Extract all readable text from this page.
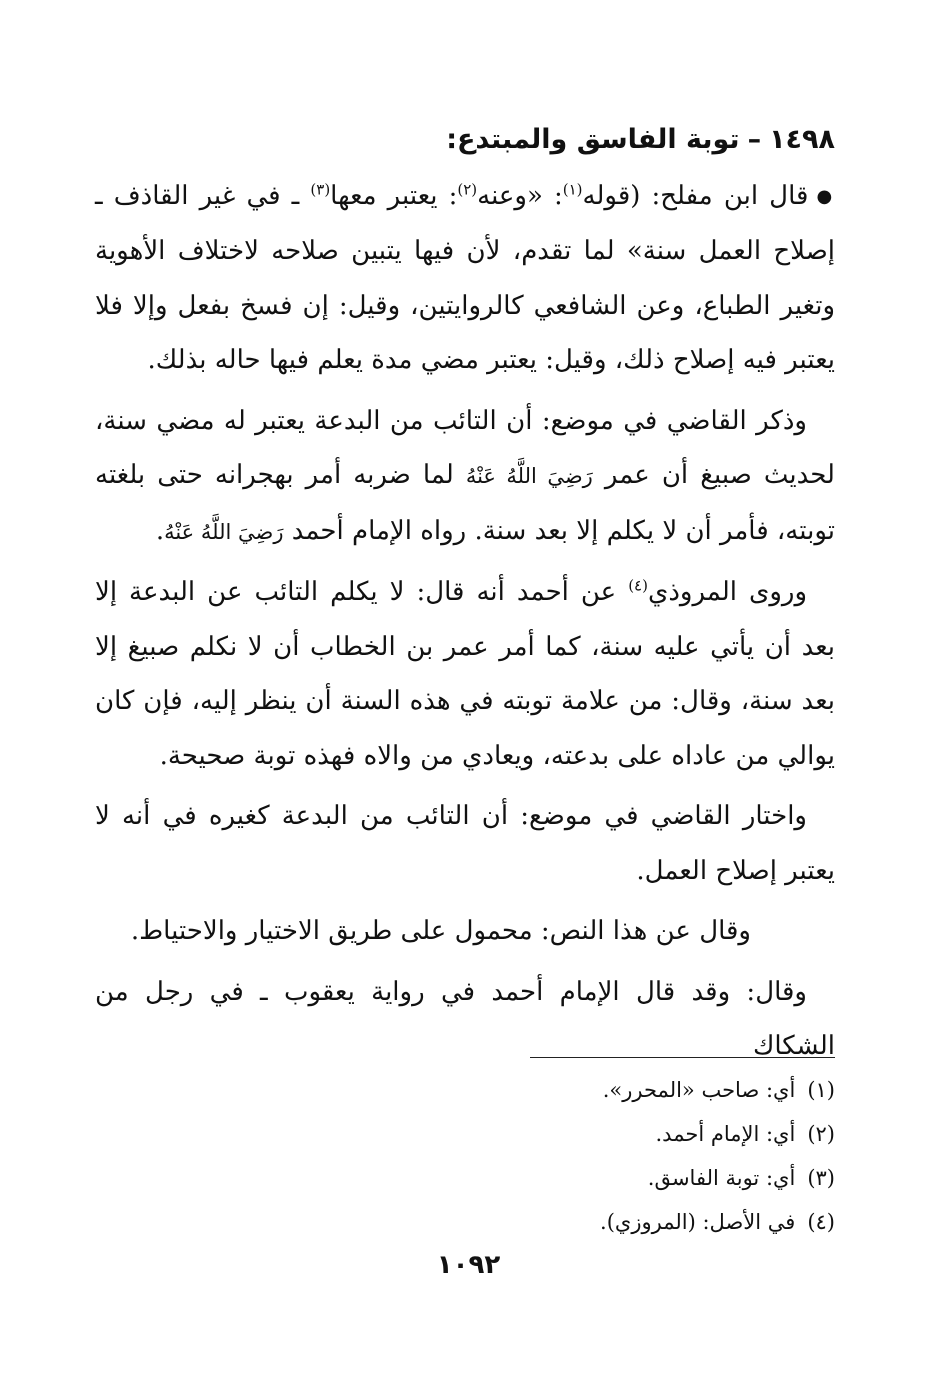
١٤٩٨–توبة الفاسق والمبتدع:

●قال ابن مفلح: (قوله$^{(١)}$: «وعنه$^{(٢)}$: يعتبر معها$^{(٣)}$ ـ في غير القاذف ـ إصلاح العمل سنة» لما تقدم، لأن فيها يتبين صلاحه لاختلاف الأهوية وتغير الطباع، وعن الشافعي كالروايتين، وقيل: إن فسخ بفعل وإلا فلا يعتبر فيه إصلاح ذلك، وقيل: يعتبر مضي مدة يعلم فيها حاله بذلك.

وذكر القاضي في موضع: أن التائب من البدعة يعتبر له مضي سنة، لحديث صبيغ أن عمر رَضِيَ اللَّهُ عَنْهُ لما ضربه أمر بهجرانه حتى بلغته توبته، فأمر أن لا يكلم إلا بعد سنة. رواه الإمام أحمد رَضِيَ اللَّهُ عَنْهُ.

وروى المروذي$^{(٤)}$ عن أحمد أنه قال: لا يكلم التائب عن البدعة إلا بعد أن يأتي عليه سنة، كما أمر عمر بن الخطاب أن لا نكلم صبيغ إلا بعد سنة، وقال: من علامة توبته في هذه السنة أن ينظر إليه، فإن كان يوالي من عاداه على بدعته، ويعادي من والاه فهذه توبة صحيحة.

واختار القاضي في موضع: أن التائب من البدعة كغيره في أنه لا يعتبر إصلاح العمل.

وقال عن هذا النص: محمول على طريق الاختيار والاحتياط.

وقال: وقد قال الإمام أحمد في رواية يعقوب ـ في رجل من الشكاك

(١)أي: صاحب «المحرر».
(٢)أي: الإمام أحمد.
(٣)أي: توبة الفاسق.
(٤)في الأصل: (المروزي).
١٠٩٢
